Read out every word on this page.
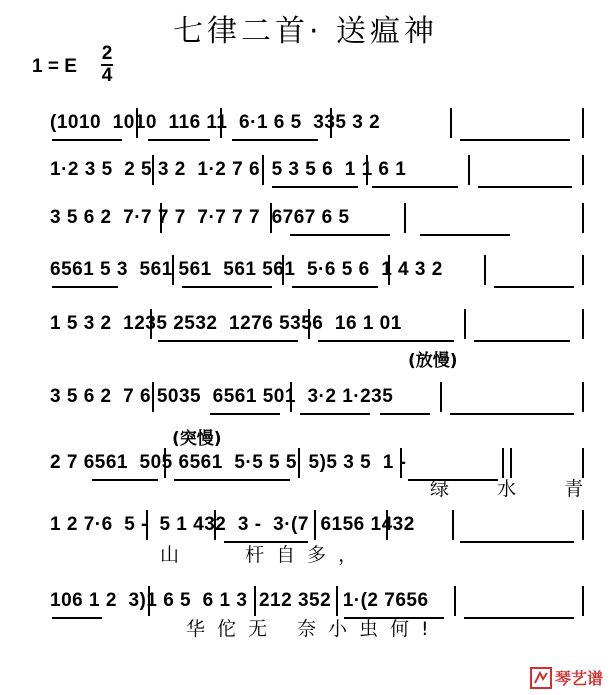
七律二首· 送瘟神
1 = E
2
4
(1010  1010  116 11  6·1 6 5  335 3 2
1·2 3 5  2 5 3 2  1·2 7 6  5 3 5 6  1 1 6 1
3 5 6 2  7·7 7 7  7·7 7 7  6767 6 5
6561 5 3  561 561  561 561  5·6 5 6  1 4 3 2
1 5 3 2  1235 2532  1276 5356  16 1 01
(放慢)
3 5 6 2  7 6 5035  6561 501  3·2 1·235
(突慢)
2 7 6561  505 6561  5·5 5 5  5)5 3 5  1 -
绿  水  青
1 2 7·6  5 -  5 1 432  3 -  3·(7  6156 1432
山   杆自多，
106 1 2  3)1 6 5  6 1 3  212 352  1·(2 7656
华佗无 奈小虫何!
琴艺谱
